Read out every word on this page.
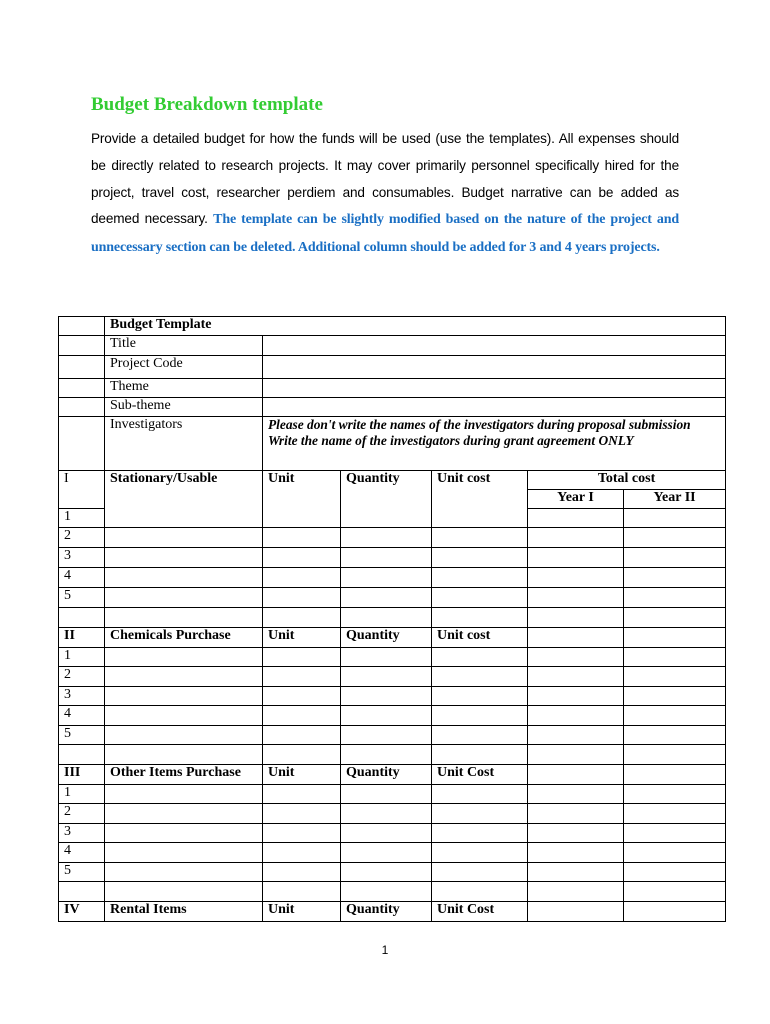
Budget Breakdown template
Provide a detailed budget for how the funds will be used (use the templates). All expenses should be directly related to research projects. It may cover primarily personnel specifically hired for the project, travel cost, researcher perdiem and consumables. Budget narrative can be added as deemed necessary. The template can be slightly modified based on the nature of the project and unnecessary section can be deleted. Additional column should be added for 3 and 4 years projects.
	Budget Template					
	Title					
	Project Code					
	Theme					
	Sub-theme					
	Investigators	Please don't write the names of the investigators during proposal submission
Write the name of the investigators during grant agreement ONLY				

I	Stationary/Usable	Unit	Quantity	Unit cost	Total cost	
					Year I	Year II
1						
2						
3						
4						
5						

II	Chemicals Purchase	Unit	Quantity	Unit cost		
1						
2						
3						
4						
5						

III	Other Items Purchase	Unit	Quantity	Unit Cost		
1						
2						
3						
4						
5						

IV	Rental Items	Unit	Quantity	Unit Cost		
1
